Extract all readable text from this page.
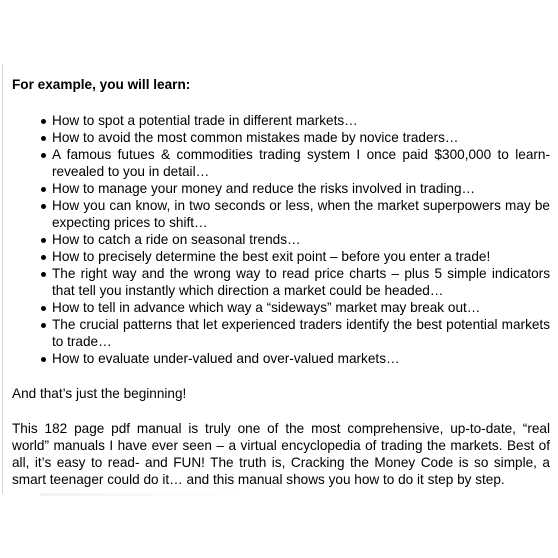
For example, you will learn:

How to spot a potential trade in different markets…
How to avoid the most common mistakes made by novice traders…
A famous futues & commodities trading system I once paid $300,000 to learn-revealed to you in detail…
How to manage your money and reduce the risks involved in trading…
How you can know, in two seconds or less, when the market superpowers may be expecting prices to shift…
How to catch a ride on seasonal trends…
How to precisely determine the best exit point – before you enter a trade!
The right way and the wrong way to read price charts – plus 5 simple indicators that tell you instantly which direction a market could be headed…
How to tell in advance which way a “sideways” market may break out…
The crucial patterns that let experienced traders identify the best potential markets to trade…
How to evaluate under-valued and over-valued markets…

And that’s just the beginning!

This 182 page pdf manual is truly one of the most comprehensive, up-to-date, “real world” manuals I have ever seen – a virtual encyclopedia of trading the markets. Best of all, it’s easy to read- and FUN! The truth is, Cracking the Money Code is so simple, a smart teenager could do it… and this manual shows you how to do it step by step.
